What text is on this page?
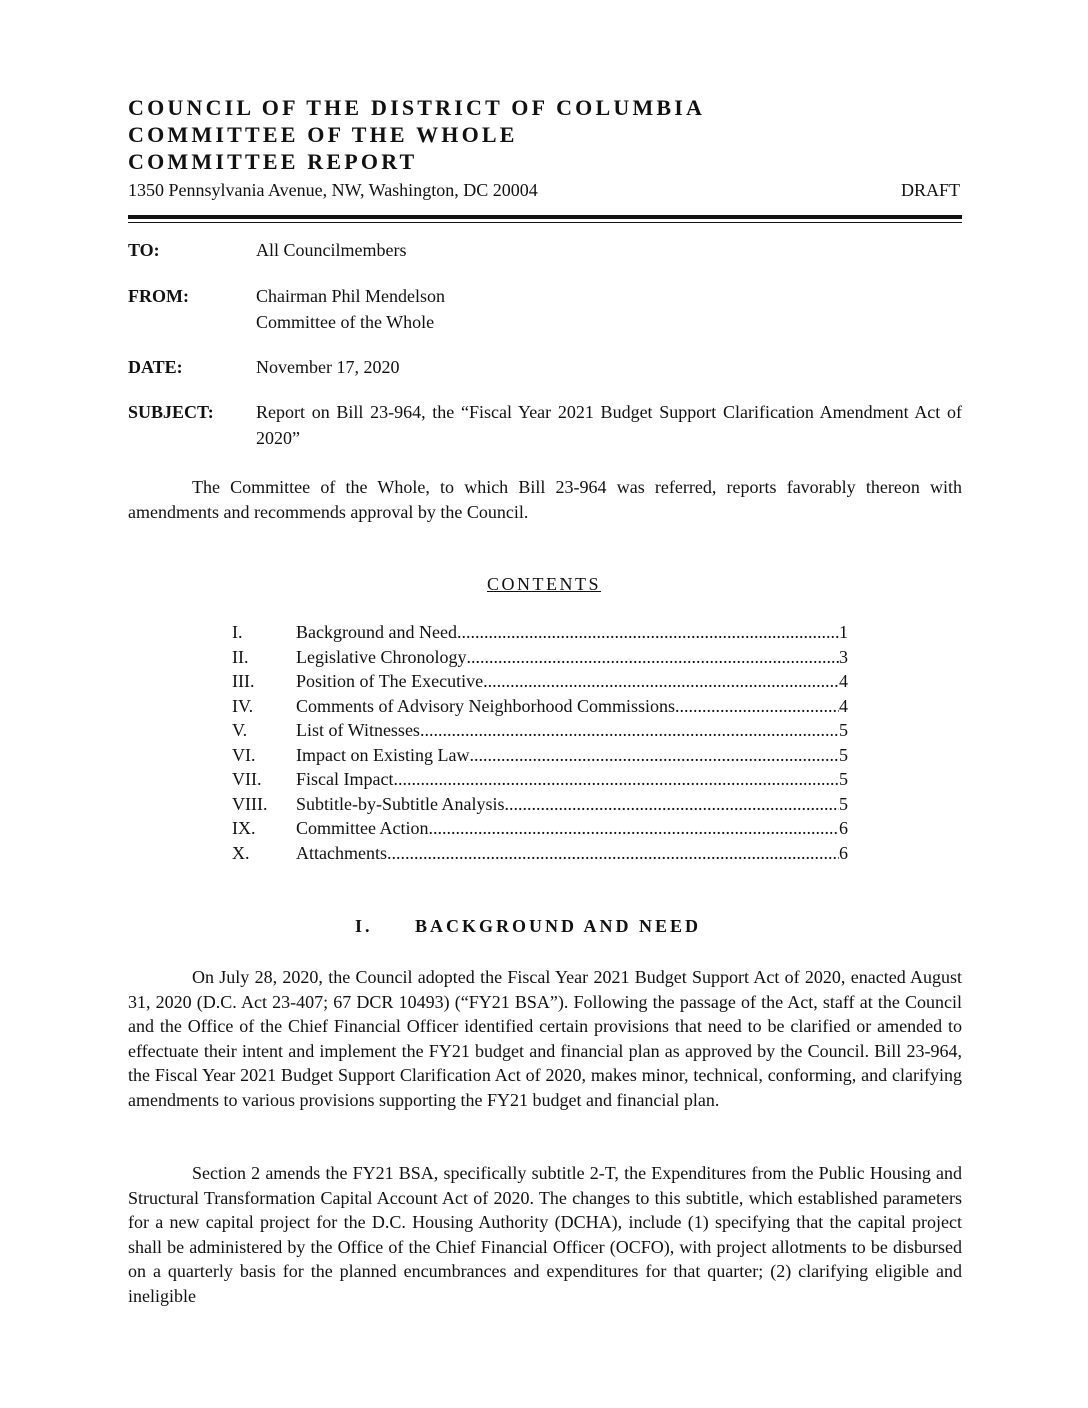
COUNCIL OF THE DISTRICT OF COLUMBIA
COMMITTEE OF THE WHOLE
COMMITTEE REPORT
1350 Pennsylvania Avenue, NW, Washington, DC 20004	DRAFT
TO:	All Councilmembers
FROM:	Chairman Phil Mendelson
Committee of the Whole
DATE:	November 17, 2020
SUBJECT: Report on Bill 23-964, the “Fiscal Year 2021 Budget Support Clarification Amendment Act of 2020”

The Committee of the Whole, to which Bill 23-964 was referred, reports favorably thereon with amendments and recommends approval by the Council.

CONTENTS
I.	Background and Need .....	1
II.	Legislative Chronology .....	3
III.	Position of The Executive .....	4
IV.	Comments of Advisory Neighborhood Commissions .....	4
V.	List of Witnesses .....	5
VI.	Impact on Existing Law .....	5
VII.	Fiscal Impact .....	5
VIII.	Subtitle-by-Subtitle Analysis .....	5
IX.	Committee Action .....	6
X.	Attachments .....	6
I. BACKGROUND AND NEED

On July 28, 2020, the Council adopted the Fiscal Year 2021 Budget Support Act of 2020, enacted August 31, 2020 (D.C. Act 23-407; 67 DCR 10493) (“FY21 BSA”). Following the passage of the Act, staff at the Council and the Office of the Chief Financial Officer identified certain provisions that need to be clarified or amended to effectuate their intent and implement the FY21 budget and financial plan as approved by the Council. Bill 23-964, the Fiscal Year 2021 Budget Support Clarification Act of 2020, makes minor, technical, conforming, and clarifying amendments to various provisions supporting the FY21 budget and financial plan.

Section 2 amends the FY21 BSA, specifically subtitle 2-T, the Expenditures from the Public Housing and Structural Transformation Capital Account Act of 2020. The changes to this subtitle, which established parameters for a new capital project for the D.C. Housing Authority (DCHA), include (1) specifying that the capital project shall be administered by the Office of the Chief Financial Officer (OCFO), with project allotments to be disbursed on a quarterly basis for the planned encumbrances and expenditures for that quarter; (2) clarifying eligible and ineligible
